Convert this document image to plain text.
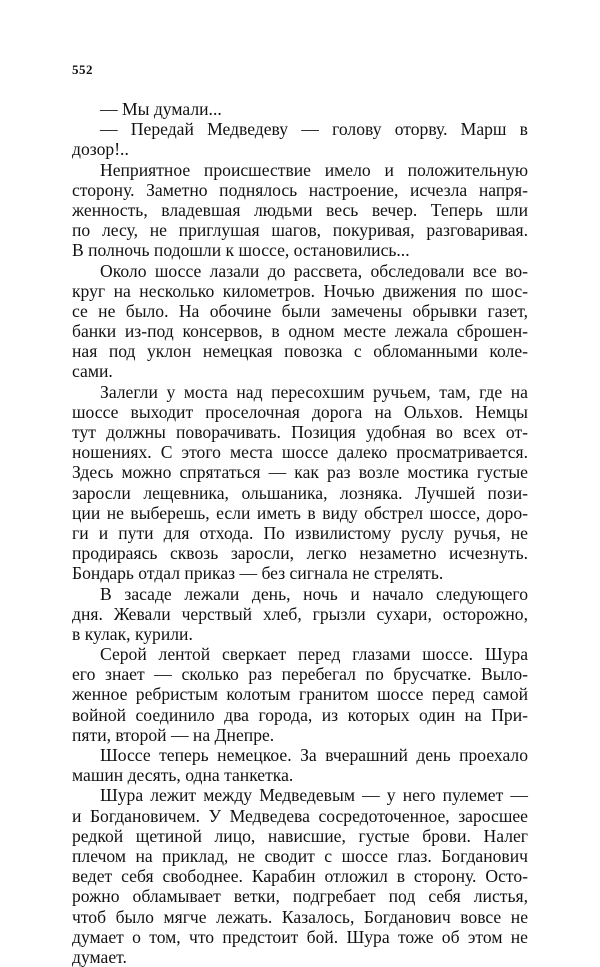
552
— Мы думали...
— Передай Медведеву — голову оторву. Марш в
дозор!..
Неприятное происшествие имело и положительную
сторону. Заметно поднялось настроение, исчезла напря-
женность, владевшая людьми весь вечер. Теперь шли
по лесу, не приглушая шагов, покуривая, разговаривая.
В полночь подошли к шоссе, остановились...
Около шоссе лазали до рассвета, обследовали все во-
круг на несколько километров. Ночью движения по шос-
се не было. На обочине были замечены обрывки газет,
банки из-под консервов, в одном месте лежала сброшен-
ная под уклон немецкая повозка с обломанными коле-
сами.
Залегли у моста над пересохшим ручьем, там, где на
шоссе выходит проселочная дорога на Ольхов. Немцы
тут должны поворачивать. Позиция удобная во всех от-
ношениях. С этого места шоссе далеко просматривается.
Здесь можно спрятаться — как раз возле мостика густые
заросли лещевника, ольшаника, лозняка. Лучшей пози-
ции не выберешь, если иметь в виду обстрел шоссе, доро-
ги и пути для отхода. По извилистому руслу ручья, не
продираясь сквозь заросли, легко незаметно исчезнуть.
Бондарь отдал приказ — без сигнала не стрелять.
В засаде лежали день, ночь и начало следующего
дня. Жевали черствый хлеб, грызли сухари, осторожно,
в кулак, курили.
Серой лентой сверкает перед глазами шоссе. Шура
его знает — сколько раз перебегал по брусчатке. Выло-
женное ребристым колотым гранитом шоссе перед самой
войной соединило два города, из которых один на При-
пяти, второй — на Днепре.
Шоссе теперь немецкое. За вчерашний день проехало
машин десять, одна танкетка.
Шура лежит между Медведевым — у него пулемет —
и Богдановичем. У Медведева сосредоточенное, заросшее
редкой щетиной лицо, нависшие, густые брови. Налег
плечом на приклад, не сводит с шоссе глаз. Богданович
ведет себя свободнее. Карабин отложил в сторону. Осто-
рожно обламывает ветки, подгребает под себя листья,
чтоб было мягче лежать. Казалось, Богданович вовсе не
думает о том, что предстоит бой. Шура тоже об этом не
думает.
